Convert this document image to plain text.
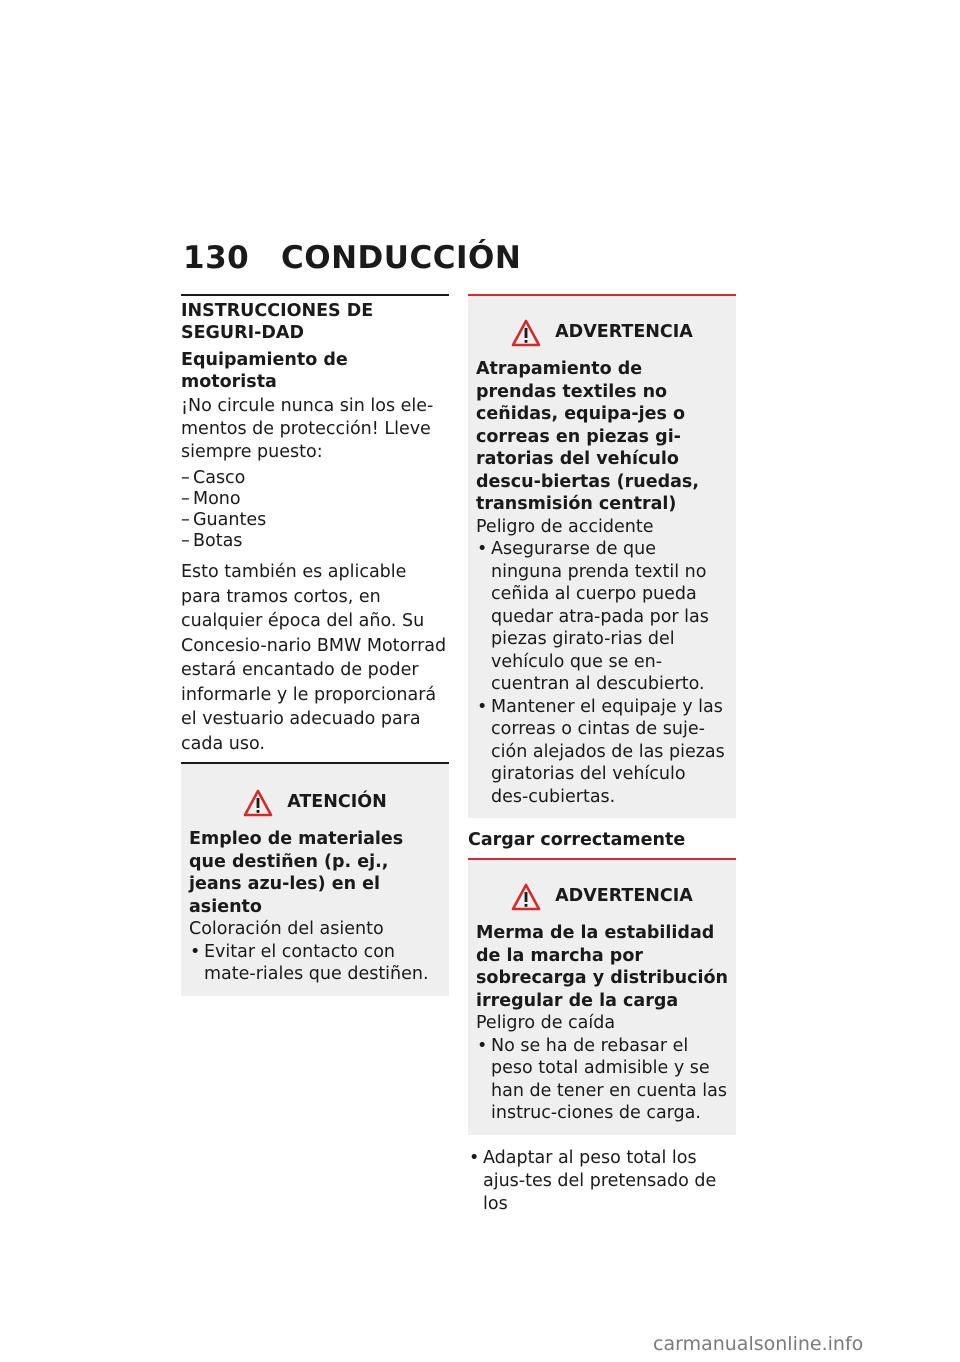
130 CONDUCCIÓN
INSTRUCCIONES DE SEGURI-DAD
Equipamiento de motorista

¡No circule nunca sin los ele-mentos de protección! Lleve siempre puesto:

– Casco
– Mono
– Guantes
– Botas

Esto también es aplicable para tramos cortos, en cualquier época del año. Su Concesio-nario BMW Motorrad estará encantado de poder informarle y le proporcionará el vestuario adecuado para cada uso.

ATENCIÓN
Empleo de materiales que destiñen (p. ej., jeans azu-les) en el asiento
Coloración del asiento
• Evitar el contacto con mate-riales que destiñen.
ADVERTENCIA
Atrapamiento de prendas textiles no ceñidas, equipa-jes o correas en piezas gi-ratorias del vehículo descu-biertas (ruedas, transmisión central)
Peligro de accidente
• Asegurarse de que ninguna prenda textil no ceñida al cuerpo pueda quedar atra-pada por las piezas girato-rias del vehículo que se en-cuentran al descubierto.
• Mantener el equipaje y las correas o cintas de suje-ción alejados de las piezas giratorias del vehículo des-cubiertas.
Cargar correctamente
ADVERTENCIA
Merma de la estabilidad de la marcha por sobrecarga y distribución irregular de la carga
Peligro de caída
• No se ha de rebasar el peso total admisible y se han de tener en cuenta las instruc-ciones de carga.
• Adaptar al peso total los ajus-tes del pretensado de los
carmanualsonline.info
